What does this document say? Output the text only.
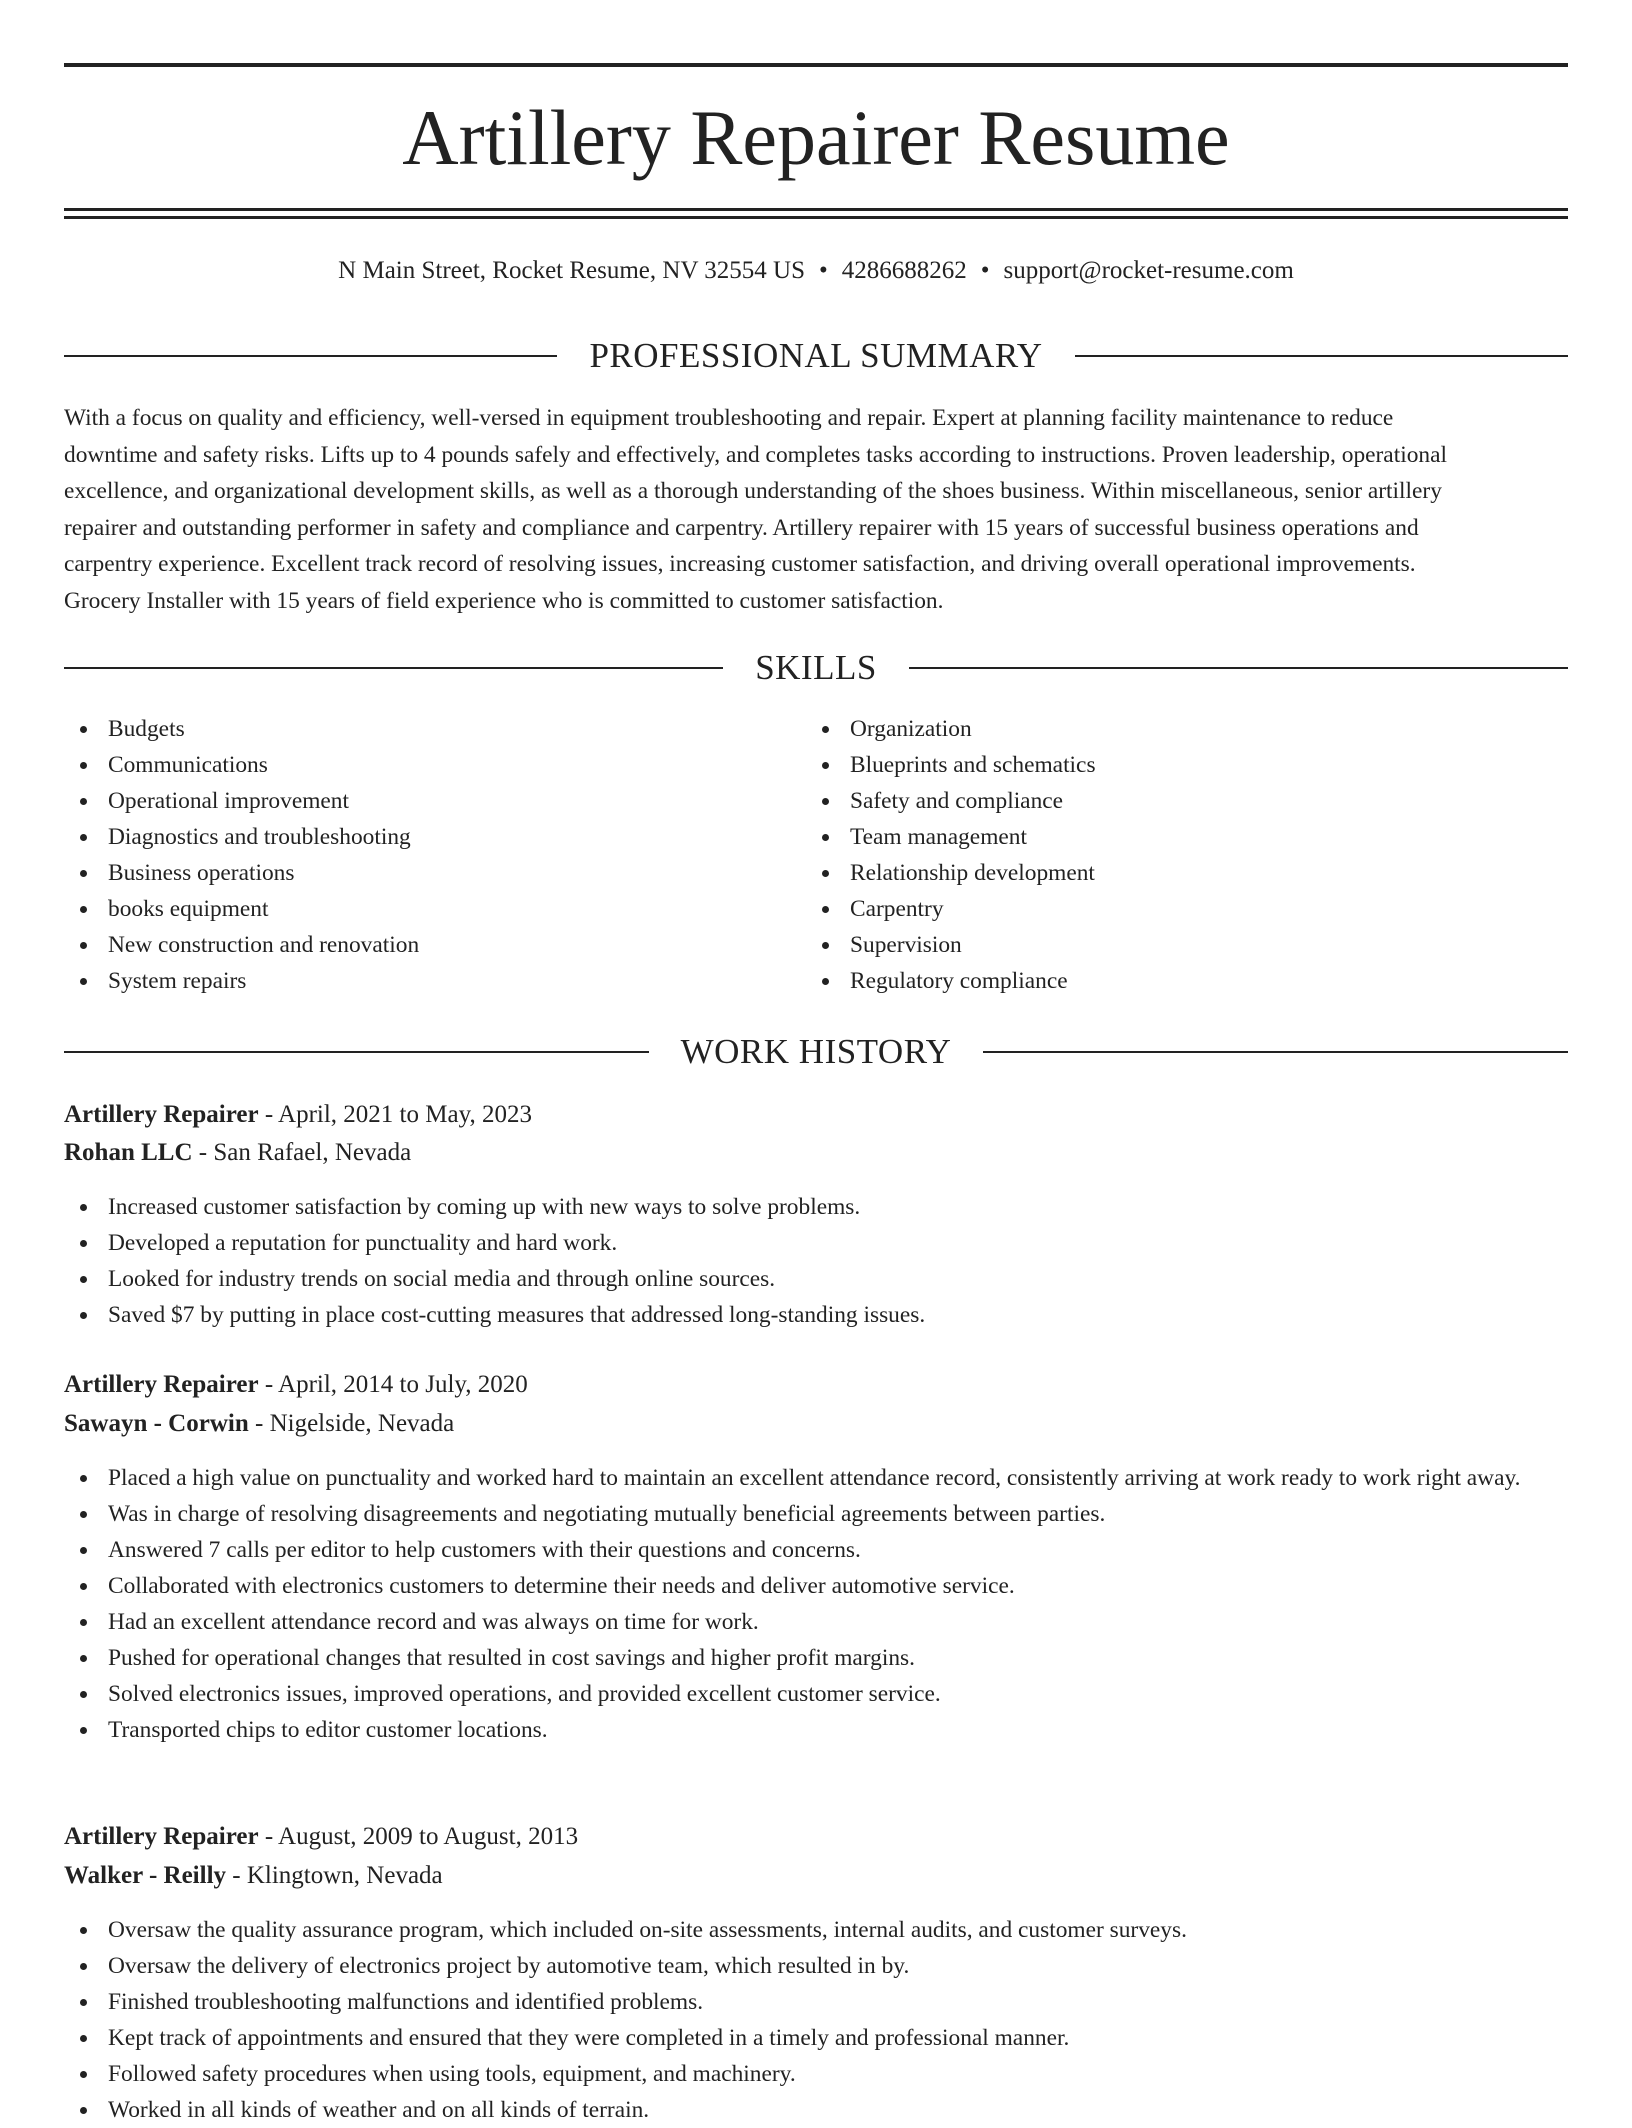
Artillery Repairer Resume
N Main Street, Rocket Resume, NV 32554 US • 4286688262 • support@rocket-resume.com
PROFESSIONAL SUMMARY
With a focus on quality and efficiency, well-versed in equipment troubleshooting and repair. Expert at planning facility maintenance to reduce
downtime and safety risks. Lifts up to 4 pounds safely and effectively, and completes tasks according to instructions. Proven leadership, operational
excellence, and organizational development skills, as well as a thorough understanding of the shoes business. Within miscellaneous, senior artillery
repairer and outstanding performer in safety and compliance and carpentry. Artillery repairer with 15 years of successful business operations and
carpentry experience. Excellent track record of resolving issues, increasing customer satisfaction, and driving overall operational improvements.
Grocery Installer with 15 years of field experience who is committed to customer satisfaction.
SKILLS
Budgets
Communications
Operational improvement
Diagnostics and troubleshooting
Business operations
books equipment
New construction and renovation
System repairs
Organization
Blueprints and schematics
Safety and compliance
Team management
Relationship development
Carpentry
Supervision
Regulatory compliance
WORK HISTORY
Artillery Repairer - April, 2021 to May, 2023
Rohan LLC - San Rafael, Nevada
Increased customer satisfaction by coming up with new ways to solve problems.
Developed a reputation for punctuality and hard work.
Looked for industry trends on social media and through online sources.
Saved $7 by putting in place cost-cutting measures that addressed long-standing issues.
Artillery Repairer - April, 2014 to July, 2020
Sawayn - Corwin - Nigelside, Nevada
Placed a high value on punctuality and worked hard to maintain an excellent attendance record, consistently arriving at work ready to work right away.
Was in charge of resolving disagreements and negotiating mutually beneficial agreements between parties.
Answered 7 calls per editor to help customers with their questions and concerns.
Collaborated with electronics customers to determine their needs and deliver automotive service.
Had an excellent attendance record and was always on time for work.
Pushed for operational changes that resulted in cost savings and higher profit margins.
Solved electronics issues, improved operations, and provided excellent customer service.
Transported chips to editor customer locations.
Artillery Repairer - August, 2009 to August, 2013
Walker - Reilly - Klingtown, Nevada
Oversaw the quality assurance program, which included on-site assessments, internal audits, and customer surveys.
Oversaw the delivery of electronics project by automotive team, which resulted in by.
Finished troubleshooting malfunctions and identified problems.
Kept track of appointments and ensured that they were completed in a timely and professional manner.
Followed safety procedures when using tools, equipment, and machinery.
Worked in all kinds of weather and on all kinds of terrain.
